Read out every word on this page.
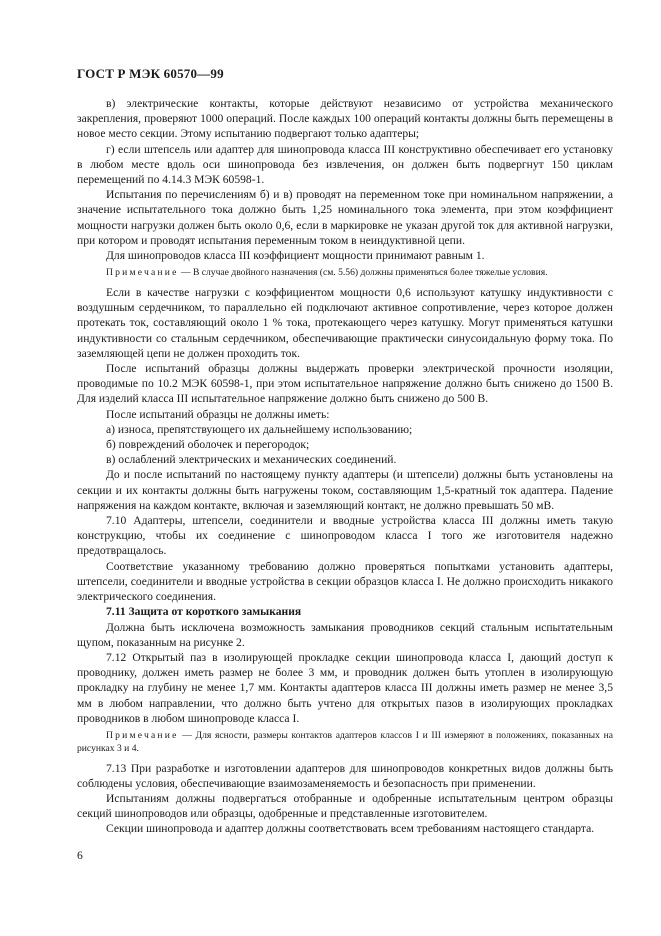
ГОСТ Р МЭК 60570—99

в) электрические контакты, которые действуют независимо от устройства механического закрепления, проверяют 1000 операций. После каждых 100 операций контакты должны быть перемещены в новое место секции. Этому испытанию подвергают только адаптеры;

г) если штепсель или адаптер для шинопровода класса III конструктивно обеспечивает его установку в любом месте вдоль оси шинопровода без извлечения, он должен быть подвергнут 150 циклам перемещений по 4.14.3 МЭК 60598-1.

Испытания по перечислениям б) и в) проводят на переменном токе при номинальном напряжении, а значение испытательного тока должно быть 1,25 номинального тока элемента, при этом коэффициент мощности нагрузки должен быть около 0,6, если в маркировке не указан другой ток для активной нагрузки, при котором и проводят испытания переменным током в неиндуктивной цепи.

Для шинопроводов класса III коэффициент мощности принимают равным 1.

Примечание — В случае двойного назначения (см. 5.56) должны применяться более тяжелые условия.

Если в качестве нагрузки с коэффициентом мощности 0,6 используют катушку индуктивности с воздушным сердечником, то параллельно ей подключают активное сопротивление, через которое должен протекать ток, составляющий около 1 % тока, протекающего через катушку. Могут применяться катушки индуктивности со стальным сердечником, обеспечивающие практически синусоидальную форму тока. По заземляющей цепи не должен проходить ток.

После испытаний образцы должны выдержать проверки электрической прочности изоляции, проводимые по 10.2 МЭК 60598-1, при этом испытательное напряжение должно быть снижено до 1500 В. Для изделий класса III испытательное напряжение должно быть снижено до 500 В.

После испытаний образцы не должны иметь:

а) износа, препятствующего их дальнейшему использованию;

б) повреждений оболочек и перегородок;

в) ослаблений электрических и механических соединений.

До и после испытаний по настоящему пункту адаптеры (и штепсели) должны быть установлены на секции и их контакты должны быть нагружены током, составляющим 1,5-кратный ток адаптера. Падение напряжения на каждом контакте, включая и заземляющий контакт, не должно превышать 50 мВ.

7.10 Адаптеры, штепсели, соединители и вводные устройства класса III должны иметь такую конструкцию, чтобы их соединение с шинопроводом класса I того же изготовителя надежно предотвращалось.

Соответствие указанному требованию должно проверяться попытками установить адаптеры, штепсели, соединители и вводные устройства в секции образцов класса I. Не должно происходить никакого электрического соединения.

7.11 Защита от короткого замыкания

Должна быть исключена возможность замыкания проводников секций стальным испытательным щупом, показанным на рисунке 2.

7.12 Открытый паз в изолирующей прокладке секции шинопровода класса I, дающий доступ к проводнику, должен иметь размер не более 3 мм, и проводник должен быть утоплен в изолирующую прокладку на глубину не менее 1,7 мм. Контакты адаптеров класса III должны иметь размер не менее 3,5 мм в любом направлении, что должно быть учтено для открытых пазов в изолирующих прокладках проводников в любом шинопроводе класса I.

Примечание — Для ясности, размеры контактов адаптеров классов I и III измеряют в положениях, показанных на рисунках 3 и 4.

7.13 При разработке и изготовлении адаптеров для шинопроводов конкретных видов должны быть соблюдены условия, обеспечивающие взаимозаменяемость и безопасность при применении.

Испытаниям должны подвергаться отобранные и одобренные испытательным центром образцы секций шинопроводов или образцы, одобренные и представленные изготовителем.

Секции шинопровода и адаптер должны соответствовать всем требованиям настоящего стандарта.

6
